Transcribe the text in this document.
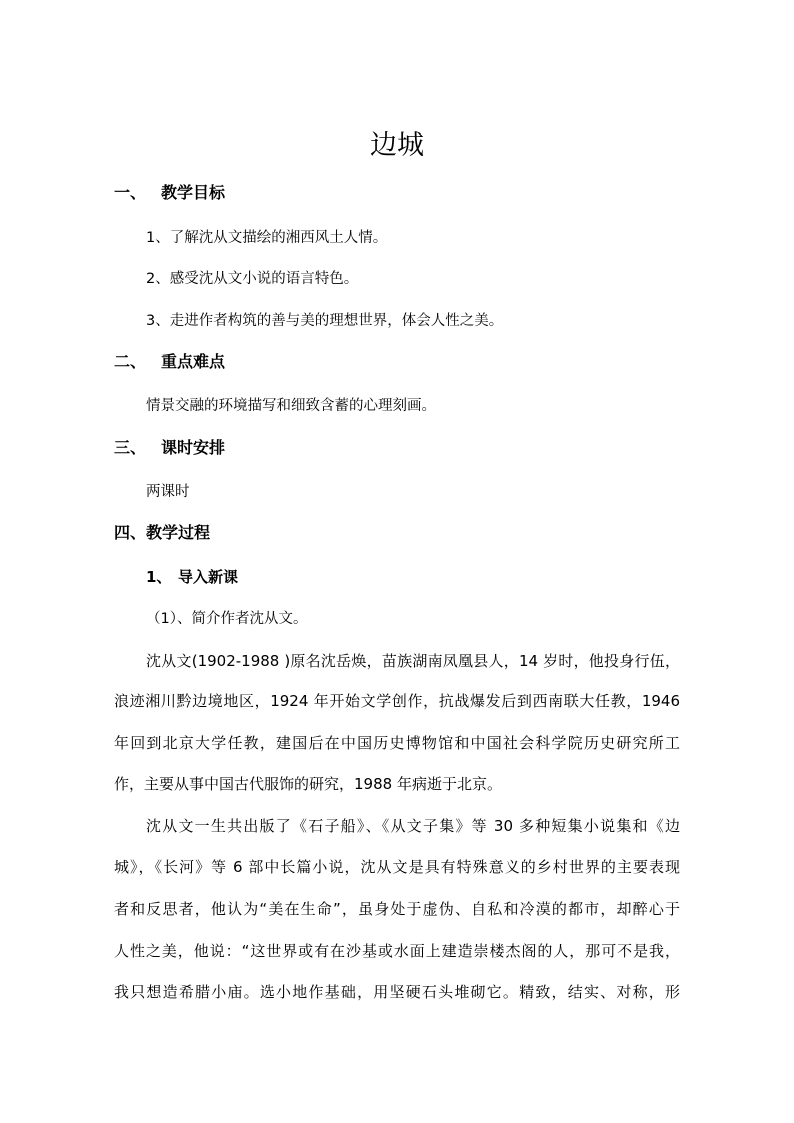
边城
一、 教学目标
1、了解沈从文描绘的湘西风土人情。
2、感受沈从文小说的语言特色。
3、走进作者构筑的善与美的理想世界，体会人性之美。
二、 重点难点
情景交融的环境描写和细致含蓄的心理刻画。
三、 课时安排
两课时
四、教学过程
1、 导入新课
（1）、简介作者沈从文。
沈从文(1902-1988 )原名沈岳焕，苗族湖南凤凰县人，14 岁时，他投身行伍，
浪迹湘川黔边境地区，1924 年开始文学创作，抗战爆发后到西南联大任教，1946
年回到北京大学任教，建国后在中国历史博物馆和中国社会科学院历史研究所工
作，主要从事中国古代服饰的研究，1988 年病逝于北京。
沈从文一生共出版了《石子船》、《从文子集》等 30 多种短集小说集和《边
城》，《长河》等 6 部中长篇小说，沈从文是具有特殊意义的乡村世界的主要表现
者和反思者，他认为“美在生命”，虽身处于虚伪、自私和冷漠的都市，却醉心于
人性之美，他说：“这世界或有在沙基或水面上建造崇楼杰阁的人，那可不是我，
我只想造希腊小庙。选小地作基础，用坚硬石头堆砌它。精致，结实、对称，形
